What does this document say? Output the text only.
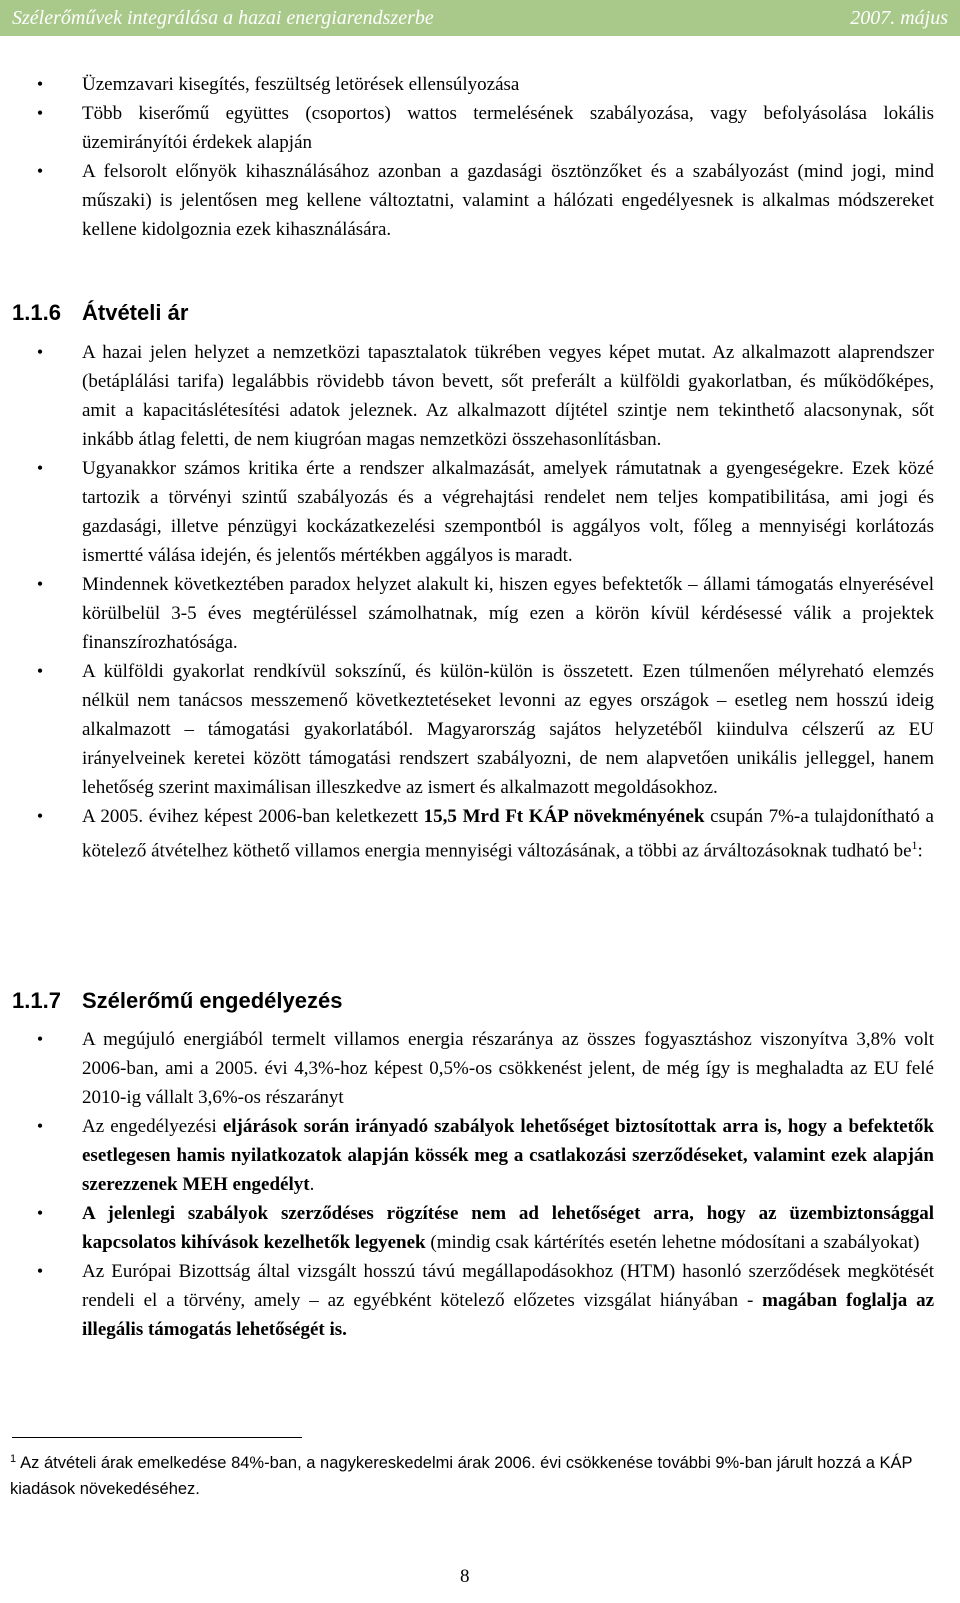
Szélerőművek integrálása a hazai energiarendszerbe	2007. május
•	Üzemzavari kisegítés, feszültség letörések ellensúlyozása
•	Több kiserőmű együttes (csoportos) wattos termelésének szabályozása, vagy befolyásolása lokális üzemirányítói érdekek alapján
•	A felsorolt előnyök kihasználásához azonban a gazdasági ösztönzőket és a szabályozást (mind jogi, mind műszaki) is jelentősen meg kellene változtatni, valamint a hálózati engedélyesnek is alkalmas módszereket kellene kidolgoznia ezek kihasználására.
1.1.6 Átvételi ár
•	A hazai jelen helyzet a nemzetközi tapasztalatok tükrében vegyes képet mutat. Az alkalmazott alaprendszer (betáplálási tarifa) legalábbis rövidebb távon bevett, sőt preferált a külföldi gyakorlatban, és működőképes, amit a kapacitáslétesítési adatok jeleznek. Az alkalmazott díjtétel szintje nem tekinthető alacsonynak, sőt inkább átlag feletti, de nem kiugróan magas nemzetközi összehasonlításban.
•	Ugyanakkor számos kritika érte a rendszer alkalmazását, amelyek rámutatnak a gyengeségekre. Ezek közé tartozik a törvényi szintű szabályozás és a végrehajtási rendelet nem teljes kompatibilitása, ami jogi és gazdasági, illetve pénzügyi kockázatkezelési szempontból is aggályos volt, főleg a mennyiségi korlátozás ismertté válása idején, és jelentős mértékben aggályos is maradt.
•	Mindennek következtében paradox helyzet alakult ki, hiszen egyes befektetők – állami támogatás elnyerésével körülbelül 3-5 éves megtérüléssel számolhatnak, míg ezen a körön kívül kérdésessé válik a projektek finanszírozhatósága.
•	A külföldi gyakorlat rendkívül sokszínű, és külön-külön is összetett. Ezen túlmenően mélyreható elemzés nélkül nem tanácsos messzemenő következtetéseket levonni az egyes országok – esetleg nem hosszú ideig alkalmazott – támogatási gyakorlatából. Magyarország sajátos helyzetéből kiindulva célszerű az EU irányelveinek keretei között támogatási rendszert szabályozni, de nem alapvetően unikális jelleggel, hanem lehetőség szerint maximálisan illeszkedve az ismert és alkalmazott megoldásokhoz.
•	A 2005. évihez képest 2006-ban keletkezett 15,5 Mrd Ft KÁP növekményének csupán 7%-a tulajdonítható a kötelező átvételhez köthető villamos energia mennyiségi változásának, a többi az árváltozásoknak tudható $be^1$:
1.1.7 Szélerőmű engedélyezés
•	A megújuló energiából termelt villamos energia részaránya az összes fogyasztáshoz viszonyítva 3,8% volt 2006-ban, ami a 2005. évi 4,3%-hoz képest 0,5%-os csökkenést jelent, de még így is meghaladta az EU felé 2010-ig vállalt 3,6%-os részarányt
•	Az engedélyezési eljárások során irányadó szabályok lehetőséget biztosítottak arra is, hogy a befektetők esetlegesen hamis nyilatkozatok alapján kössék meg a csatlakozási szerződéseket, valamint ezek alapján szerezzenek MEH engedélyt.
•	A jelenlegi szabályok szerződéses rögzítése nem ad lehetőséget arra, hogy az üzembiztonsággal kapcsolatos kihívások kezelhetők legyenek (mindig csak kártérítés esetén lehetne módosítani a szabályokat)
•	Az Európai Bizottság által vizsgált hosszú távú megállapodásokhoz (HTM) hasonló szerződések megkötését rendeli el a törvény, amely – az egyébként kötelező előzetes vizsgálat hiányában - magában foglalja az illegális támogatás lehetőségét is.
$^1$ Az átvételi árak emelkedése 84%-ban, a nagykereskedelmi árak 2006. évi csökkenése további 9%-ban járult hozzá a KÁP kiadások növekedéséhez.
8
